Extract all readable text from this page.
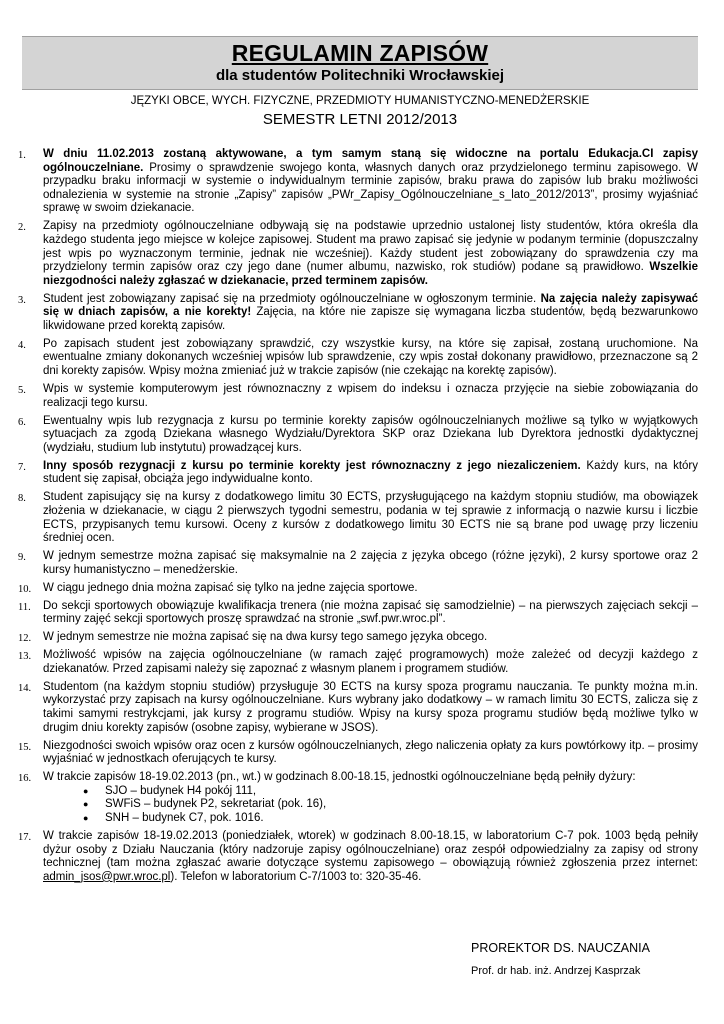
REGULAMIN ZAPISÓW
dla studentów Politechniki Wrocławskiej
JĘZYKI OBCE, WYCH. FIZYCZNE, PRZEDMIOTY HUMANISTYCZNO-MENEDŻERSKIE
SEMESTR LETNI 2012/2013
1.	W dniu 11.02.2013 zostaną aktywowane, a tym samym staną się widoczne na portalu Edukacja.CI zapisy ogólnouczelniane. Prosimy o sprawdzenie swojego konta, własnych danych oraz przydzielonego terminu zapisowego. W przypadku braku informacji w systemie o indywidualnym terminie zapisów, braku prawa do zapisów lub braku możliwości odnalezienia w systemie na stronie „Zapisy” zapisów „PWr_Zapisy_Ogólnouczelniane_s_lato_2012/2013”, prosimy wyjaśniać sprawę w swoim dziekanacie.
2.	Zapisy na przedmioty ogólnouczelniane odbywają się na podstawie uprzednio ustalonej listy studentów, która określa dla każdego studenta jego miejsce w kolejce zapisowej. Student ma prawo zapisać się jedynie w podanym terminie (dopuszczalny jest wpis po wyznaczonym terminie, jednak nie wcześniej). Każdy student jest zobowiązany do sprawdzenia czy ma przydzielony termin zapisów oraz czy jego dane (numer albumu, nazwisko, rok studiów) podane są prawidłowo. Wszelkie niezgodności należy zgłaszać w dziekanacie, przed terminem zapisów.
3.	Student jest zobowiązany zapisać się na przedmioty ogólnouczelniane w ogłoszonym terminie. Na zajęcia należy zapisywać się w dniach zapisów, a nie korekty! Zajęcia, na które nie zapisze się wymagana liczba studentów, będą bezwarunkowo likwidowane przed korektą zapisów.
4.	Po zapisach student jest zobowiązany sprawdzić, czy wszystkie kursy, na które się zapisał, zostaną uruchomione. Na ewentualne zmiany dokonanych wcześniej wpisów lub sprawdzenie, czy wpis został dokonany prawidłowo, przeznaczone są 2 dni korekty zapisów. Wpisy można zmieniać już w trakcie zapisów (nie czekając na korektę zapisów).
5.	Wpis w systemie komputerowym jest równoznaczny z wpisem do indeksu i oznacza przyjęcie na siebie zobowiązania do realizacji tego kursu.
6.	Ewentualny wpis lub rezygnacja z kursu po terminie korekty zapisów ogólnouczelnianych możliwe są tylko w wyjątkowych sytuacjach za zgodą Dziekana własnego Wydziału/Dyrektora SKP oraz Dziekana lub Dyrektora jednostki dydaktycznej (wydziału, studium lub instytutu) prowadzącej kurs.
7.	Inny sposób rezygnacji z kursu po terminie korekty jest równoznaczny z jego niezaliczeniem. Każdy kurs, na który student się zapisał, obciąża jego indywidualne konto.
8.	Student zapisujący się na kursy z dodatkowego limitu 30 ECTS, przysługującego na każdym stopniu studiów, ma obowiązek złożenia w dziekanacie, w ciągu 2 pierwszych tygodni semestru, podania w tej sprawie z informacją o nazwie kursu i liczbie ECTS, przypisanych temu kursowi. Oceny z kursów z dodatkowego limitu 30 ECTS nie są brane pod uwagę przy liczeniu średniej ocen.
9.	W jednym semestrze można zapisać się maksymalnie na 2 zajęcia z języka obcego (różne języki), 2 kursy sportowe oraz 2 kursy humanistyczno – menedżerskie.
10.	W ciągu jednego dnia można zapisać się tylko na jedne zajęcia sportowe.
11.	Do sekcji sportowych obowiązuje kwalifikacja trenera (nie można zapisać się samodzielnie) – na pierwszych zajęciach sekcji – terminy zajęć sekcji sportowych proszę sprawdzać na stronie „swf.pwr.wroc.pl”.
12.	W jednym semestrze nie można zapisać się na dwa kursy tego samego języka obcego.
13.	Możliwość wpisów na zajęcia ogólnouczelniane (w ramach zajęć programowych) może zależeć od decyzji każdego z dziekanatów. Przed zapisami należy się zapoznać z własnym planem i programem studiów.
14.	Studentom (na każdym stopniu studiów) przysługuje 30 ECTS na kursy spoza programu nauczania. Te punkty można m.in. wykorzystać przy zapisach na kursy ogólnouczelniane. Kurs wybrany jako dodatkowy – w ramach limitu 30 ECTS, zalicza się z takimi samymi restrykcjami, jak kursy z programu studiów. Wpisy na kursy spoza programu studiów będą możliwe tylko w drugim dniu korekty zapisów (osobne zapisy, wybierane w JSOS).
15.	Niezgodności swoich wpisów oraz ocen z kursów ogólnouczelnianych, złego naliczenia opłaty za kurs powtórkowy itp. – prosimy wyjaśniać w jednostkach oferujących te kursy.
16.	W trakcie zapisów 18-19.02.2013 (pn., wt.) w godzinach 8.00-18.15, jednostki ogólnouczelniane będą pełniły dyżury:
● SJO – budynek H4 pokój 111,
● SWFiS – budynek P2, sekretariat (pok. 16),
● SNH – budynek C7, pok. 1016.
17.	W trakcie zapisów 18-19.02.2013 (poniedziałek, wtorek) w godzinach 8.00-18.15, w laboratorium C-7 pok. 1003 będą pełniły dyżur osoby z Działu Nauczania (który nadzoruje zapisy ogólnouczelniane) oraz zespół odpowiedzialny za zapisy od strony technicznej (tam można zgłaszać awarie dotyczące systemu zapisowego – obowiązują również zgłoszenia przez internet: admin_jsos@pwr.wroc.pl). Telefon w laboratorium C-7/1003 to: 320-35-46.
PROREKTOR DS. NAUCZANIA
Prof. dr hab. inż. Andrzej Kasprzak
